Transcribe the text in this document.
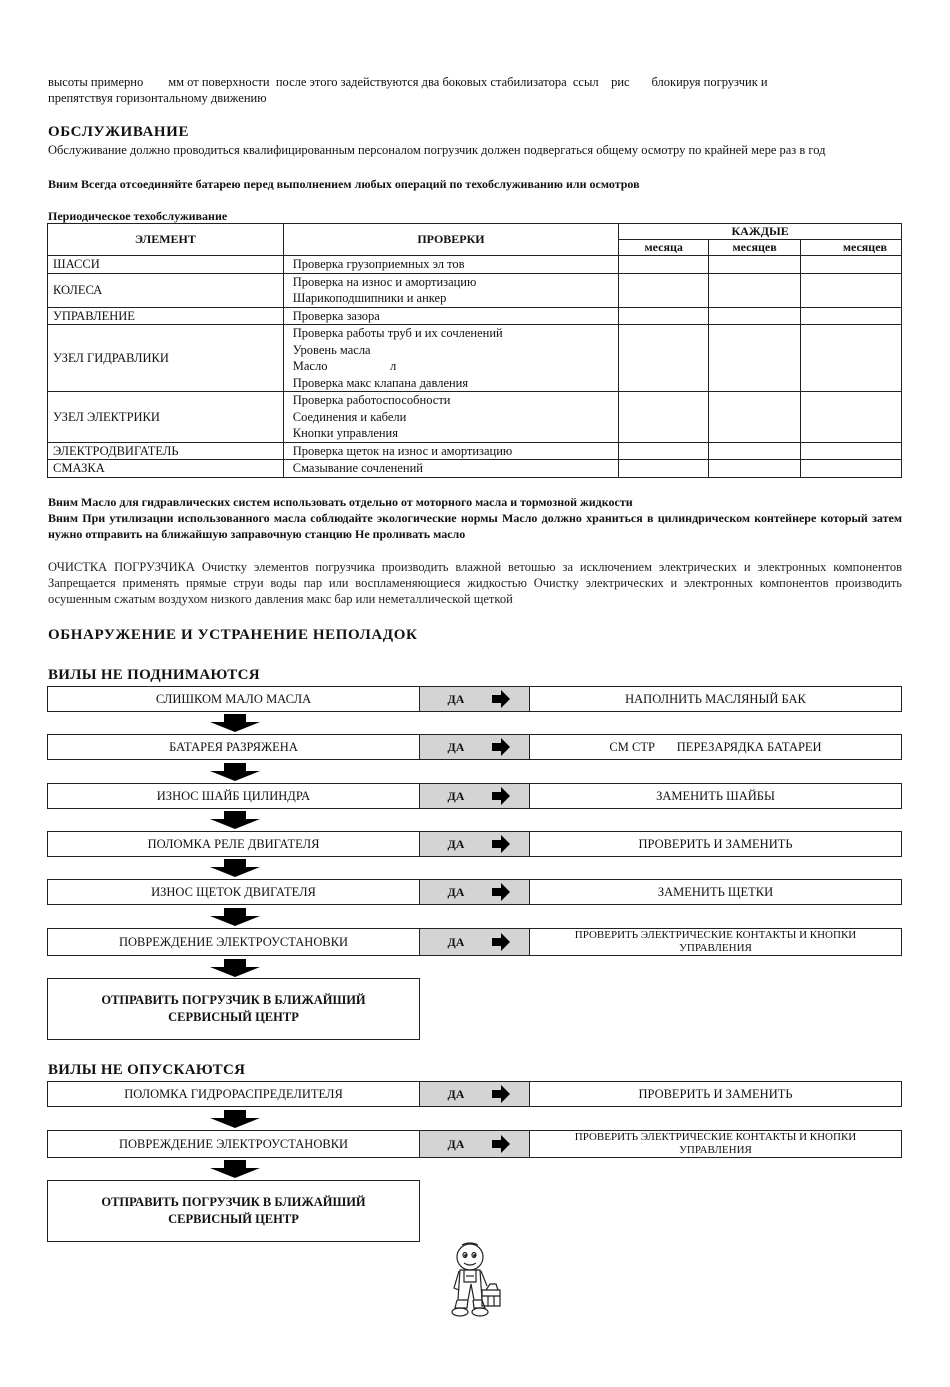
высоты примерно        мм от поверхности  после этого задействуются два боковых стабилизатора  ссыл    рис       блокируя погрузчик и
препятствуя горизонтальному движению
ОБСЛУЖИВАНИЕ
Обслуживание должно проводиться квалифицированным персоналом погрузчик должен подвергаться общему осмотру по крайней мере раз в год
Вним Всегда отсоединяйте батарею перед выполнением любых операций по техобслуживанию или осмотров
Периодическое техобслуживание
ЭЛЕМЕНТ	ПРОВЕРКИ	КАЖДЫЕ		
		месяца	месяцев	месяцев
ШАССИ	Проверка грузоприемных эл тов			
КОЛЕСА	Проверка на износ и амортизацию			
	Шарикоподшипники и анкер			
УПРАВЛЕНИЕ	Проверка зазора			
УЗЕЛ ГИДРАВЛИКИ	Проверка работы труб и их сочленений			
	Уровень масла			
	Масло                    л			
	Проверка макс клапана давления			
УЗЕЛ ЭЛЕКТРИКИ	Проверка работоспособности			
	Соединения и кабели			
	Кнопки управления			
ЭЛЕКТРОДВИГАТЕЛЬ	Проверка щеток на износ и амортизацию			
СМАЗКА	Смазывание сочленений			
Вним Масло для гидравлических систем использовать отдельно от моторного масла и тормозной жидкости
Вним При утилизации использованного масла соблюдайте экологические нормы Масло должно храниться в цилиндрическом контейнере который затем нужно отправить на ближайшую заправочную станцию Не проливать масло
ОЧИСТКА ПОГРУЗЧИКА Очистку элементов погрузчика производить влажной ветошью за исключением электрических и электронных компонентов Запрещается применять прямые струи воды пар или воспламеняющиеся жидкостью Очистку электрических и электронных компонентов производить осушенным сжатым воздухом низкого давления макс бар или неметаллической щеткой
ОБНАРУЖЕНИЕ И УСТРАНЕНИЕ НЕПОЛАДОК
ВИЛЫ НЕ ПОДНИМАЮТСЯ
СЛИШКОМ МАЛО МАСЛА	ДА	НАПОЛНИТЬ МАСЛЯНЫЙ БАК
БАТАРЕЯ РАЗРЯЖЕНА	ДА	СМ СТР       ПЕРЕЗАРЯДКА БАТАРЕИ
ИЗНОС ШАЙБ ЦИЛИНДРА	ДА	ЗАМЕНИТЬ ШАЙБЫ
ПОЛОМКА РЕЛЕ ДВИГАТЕЛЯ	ДА	ПРОВЕРИТЬ И ЗАМЕНИТЬ
ИЗНОС ЩЕТОК ДВИГАТЕЛЯ	ДА	ЗАМЕНИТЬ ЩЕТКИ
ПОВРЕЖДЕНИЕ ЭЛЕКТРОУСТАНОВКИ	ДА	ПРОВЕРИТЬ ЭЛЕКТРИЧЕСКИЕ КОНТАКТЫ И КНОПКИ УПРАВЛЕНИЯ
ОТПРАВИТЬ ПОГРУЗЧИК В БЛИЖАЙШИЙ
СЕРВИСНЫЙ ЦЕНТР
ВИЛЫ НЕ ОПУСКАЮТСЯ
ПОЛОМКА ГИДРОРАСПРЕДЕЛИТЕЛЯ	ДА	ПРОВЕРИТЬ И ЗАМЕНИТЬ
ПОВРЕЖДЕНИЕ ЭЛЕКТРОУСТАНОВКИ	ДА	ПРОВЕРИТЬ ЭЛЕКТРИЧЕСКИЕ КОНТАКТЫ И КНОПКИ УПРАВЛЕНИЯ
ОТПРАВИТЬ ПОГРУЗЧИК В БЛИЖАЙШИЙ
СЕРВИСНЫЙ ЦЕНТР
